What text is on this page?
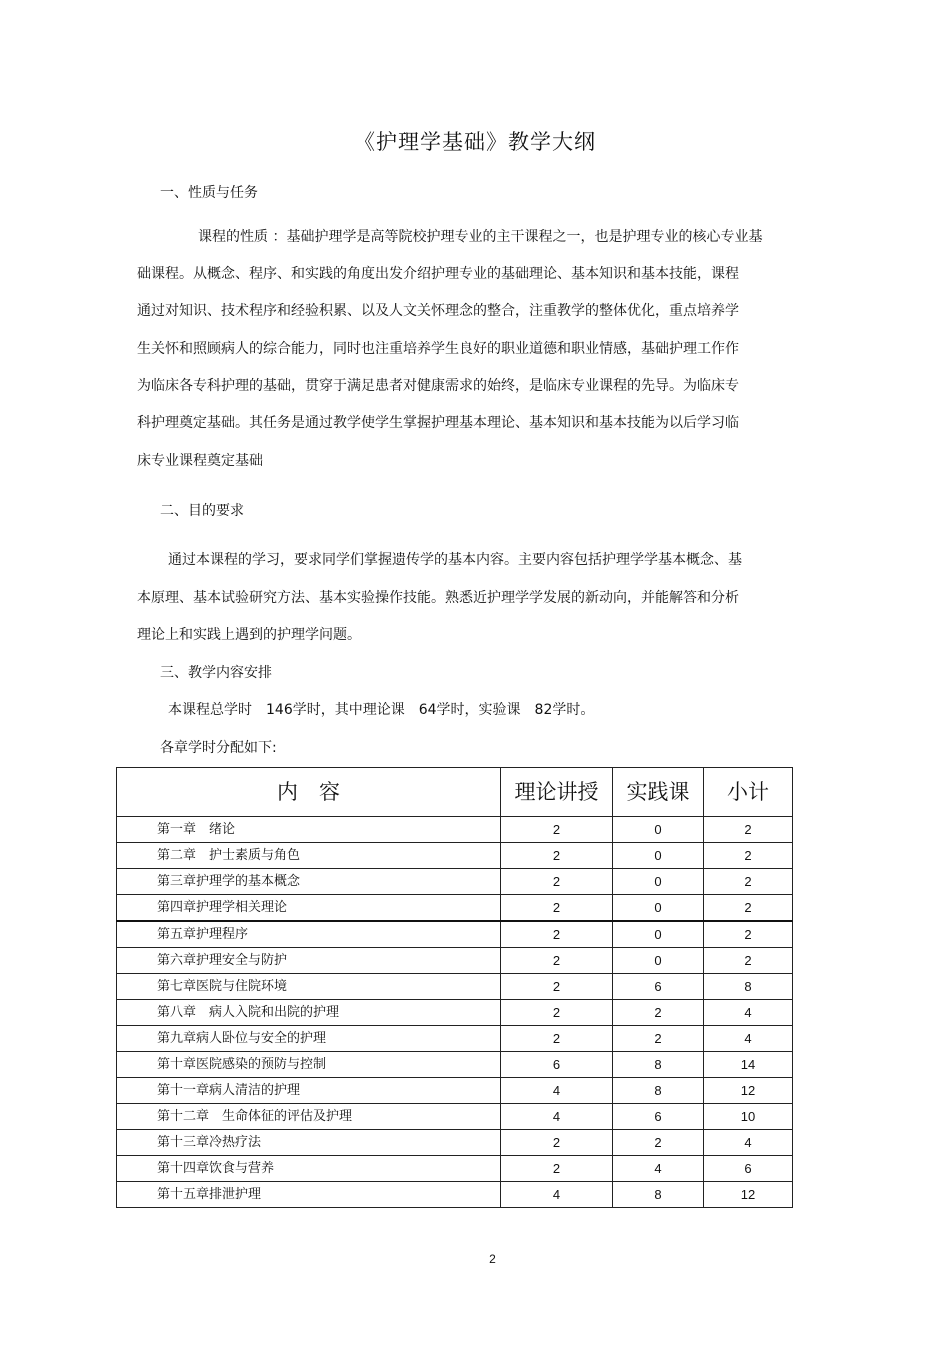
《护理学基础》教学大纲
一、性质与任务
课程的性质 ：基础护理学是高等院校护理专业的主干课程之一，也是护理专业的核心专业基
础课程。从概念、程序、和实践的角度出发介绍护理专业的基础理论、基本知识和基本技能，课程
通过对知识、技术程序和经验积累、以及人文关怀理念的整合，注重教学的整体优化，重点培养学
生关怀和照顾病人的综合能力，同时也注重培养学生良好的职业道德和职业情感，基础护理工作作
为临床各专科护理的基础，贯穿于满足患者对健康需求的始终，是临床专业课程的先导。为临床专
科护理奠定基础。其任务是通过教学使学生掌握护理基本理论、基本知识和基本技能为以后学习临
床专业课程奠定基础
二、目的要求
通过本课程的学习，要求同学们掌握遗传学的基本内容。主要内容包括护理学学基本概念、基
本原理、基本试验研究方法、基本实验操作技能。熟悉近护理学学发展的新动向，并能解答和分析
理论上和实践上遇到的护理学问题。
三、教学内容安排
本课程总学时　146学时，其中理论课　64学时，实验课　82学时。
各章学时分配如下:
内　容	理论讲授	实践课	小计
第一章　绪论	2	0	2
第二章　护士素质与角色	2	0	2
第三章护理学的基本概念	2	0	2
第四章护理学相关理论	2	0	2
第五章护理程序	2	0	2
第六章护理安全与防护	2	0	2
第七章医院与住院环境	2	6	8
第八章　病人入院和出院的护理	2	2	4
第九章病人卧位与安全的护理	2	2	4
第十章医院感染的预防与控制	6	8	14
第十一章病人清洁的护理	4	8	12
第十二章　生命体征的评估及护理	4	6	10
第十三章冷热疗法	2	2	4
第十四章饮食与营养	2	4	6
第十五章排泄护理	4	8	12
2
